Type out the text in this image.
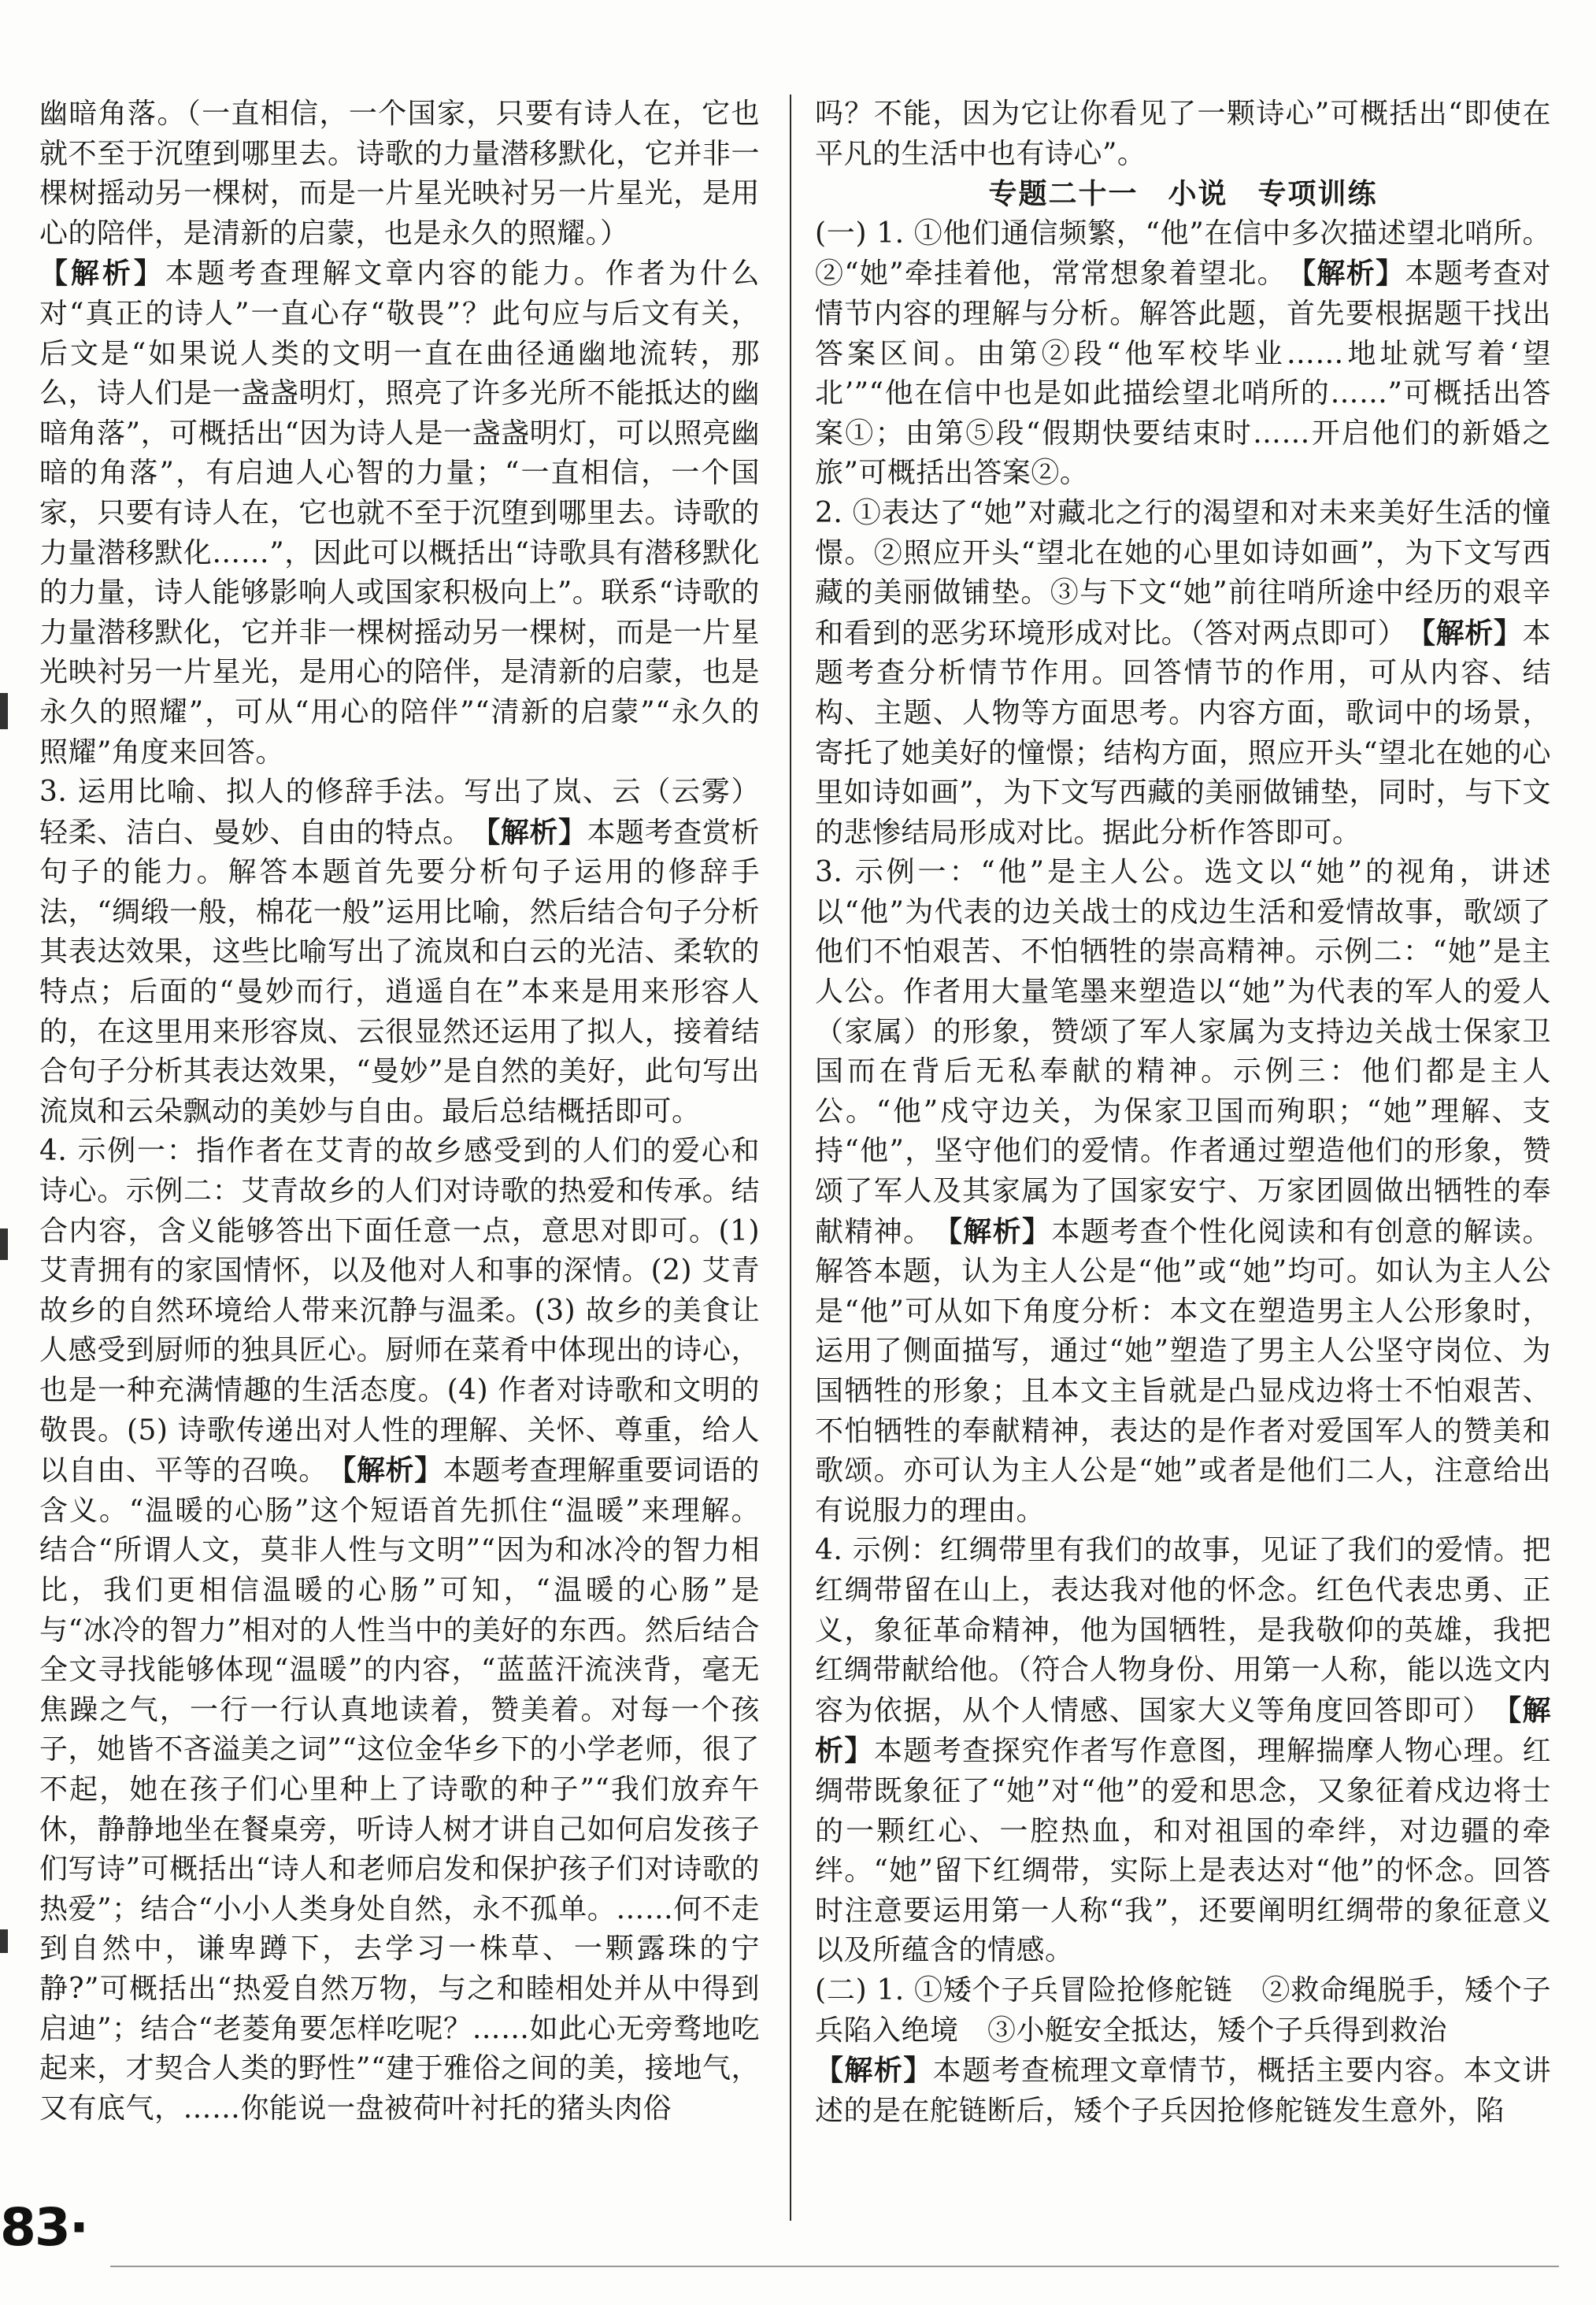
幽暗角落。（一直相信，一个国家，只要有诗人在，它也就不至于沉堕到哪里去。诗歌的力量潜移默化，它并非一棵树摇动另一棵树，而是一片星光映衬另一片星光，是用心的陪伴，是清新的启蒙，也是永久的照耀。）

【解析】本题考查理解文章内容的能力。作者为什么对“真正的诗人”一直心存“敬畏”？此句应与后文有关，后文是“如果说人类的文明一直在曲径通幽地流转，那么，诗人们是一盏盏明灯，照亮了许多光所不能抵达的幽暗角落”，可概括出“因为诗人是一盏盏明灯，可以照亮幽暗的角落”，有启迪人心智的力量；“一直相信，一个国家，只要有诗人在，它也就不至于沉堕到哪里去。诗歌的力量潜移默化……”，因此可以概括出“诗歌具有潜移默化的力量，诗人能够影响人或国家积极向上”。联系“诗歌的力量潜移默化，它并非一棵树摇动另一棵树，而是一片星光映衬另一片星光，是用心的陪伴，是清新的启蒙，也是永久的照耀”，可从“用心的陪伴”“清新的启蒙”“永久的照耀”角度来回答。

3. 运用比喻、拟人的修辞手法。写出了岚、云（云雾）轻柔、洁白、曼妙、自由的特点。　【解析】本题考查赏析句子的能力。解答本题首先要分析句子运用的修辞手法，“绸缎一般，棉花一般”运用比喻，然后结合句子分析其表达效果，这些比喻写出了流岚和白云的光洁、柔软的特点；后面的“曼妙而行，逍遥自在”本来是用来形容人的，在这里用来形容岚、云很显然还运用了拟人，接着结合句子分析其表达效果，“曼妙”是自然的美好，此句写出流岚和云朵飘动的美妙与自由。最后总结概括即可。

4. 示例一：指作者在艾青的故乡感受到的人们的爱心和诗心。示例二：艾青故乡的人们对诗歌的热爱和传承。结合内容，含义能够答出下面任意一点，意思对即可。(1) 艾青拥有的家国情怀，以及他对人和事的深情。(2) 艾青故乡的自然环境给人带来沉静与温柔。(3) 故乡的美食让人感受到厨师的独具匠心。厨师在菜肴中体现出的诗心，也是一种充满情趣的生活态度。(4) 作者对诗歌和文明的敬畏。(5) 诗歌传递出对人性的理解、关怀、尊重，给人以自由、平等的召唤。　【解析】本题考查理解重要词语的含义。“温暖的心肠”这个短语首先抓住“温暖”来理解。结合“所谓人文，莫非人性与文明”“因为和冰冷的智力相比，我们更相信温暖的心肠”可知，“温暖的心肠”是与“冰冷的智力”相对的人性当中的美好的东西。然后结合全文寻找能够体现“温暖”的内容，“蓝蓝汗流浃背，毫无焦躁之气，一行一行认真地读着，赞美着。对每一个孩子，她皆不吝溢美之词”“这位金华乡下的小学老师，很了不起，她在孩子们心里种上了诗歌的种子”“我们放弃午休，静静地坐在餐桌旁，听诗人树才讲自己如何启发孩子们写诗”可概括出“诗人和老师启发和保护孩子们对诗歌的热爱”；结合“小小人类身处自然，永不孤单。……何不走到自然中，谦卑蹲下，去学习一株草、一颗露珠的宁静?”可概括出“热爱自然万物，与之和睦相处并从中得到启迪”；结合“老菱角要怎样吃呢？……如此心无旁骛地吃起来，才契合人类的野性”“建于雅俗之间的美，接地气，又有底气，……你能说一盘被荷叶衬托的猪头肉俗

吗？不能，因为它让你看见了一颗诗心”可概括出“即使在平凡的生活中也有诗心”。

专题二十一　小说　专项训练

(一) 1. ①他们通信频繁，“他”在信中多次描述望北哨所。②“她”牵挂着他，常常想象着望北。　【解析】本题考查对情节内容的理解与分析。解答此题，首先要根据题干找出答案区间。由第②段“他军校毕业……地址就写着‘望北’”“他在信中也是如此描绘望北哨所的……”可概括出答案①；由第⑤段“假期快要结束时……开启他们的新婚之旅”可概括出答案②。

2. ①表达了“她”对藏北之行的渴望和对未来美好生活的憧憬。②照应开头“望北在她的心里如诗如画”，为下文写西藏的美丽做铺垫。③与下文“她”前往哨所途中经历的艰辛和看到的恶劣环境形成对比。（答对两点即可）　【解析】本题考查分析情节作用。回答情节的作用，可从内容、结构、主题、人物等方面思考。内容方面，歌词中的场景，寄托了她美好的憧憬；结构方面，照应开头“望北在她的心里如诗如画”，为下文写西藏的美丽做铺垫，同时，与下文的悲惨结局形成对比。据此分析作答即可。

3. 示例一：“他”是主人公。选文以“她”的视角，讲述以“他”为代表的边关战士的戍边生活和爱情故事，歌颂了他们不怕艰苦、不怕牺牲的崇高精神。示例二：“她”是主人公。作者用大量笔墨来塑造以“她”为代表的军人的爱人（家属）的形象，赞颂了军人家属为支持边关战士保家卫国而在背后无私奉献的精神。示例三：他们都是主人公。“他”戍守边关，为保家卫国而殉职；“她”理解、支持“他”，坚守他们的爱情。作者通过塑造他们的形象，赞颂了军人及其家属为了国家安宁、万家团圆做出牺牲的奉献精神。　【解析】本题考查个性化阅读和有创意的解读。解答本题，认为主人公是“他”或“她”均可。如认为主人公是“他”可从如下角度分析：本文在塑造男主人公形象时，运用了侧面描写，通过“她”塑造了男主人公坚守岗位、为国牺牲的形象；且本文主旨就是凸显戍边将士不怕艰苦、不怕牺牲的奉献精神，表达的是作者对爱国军人的赞美和歌颂。亦可认为主人公是“她”或者是他们二人，注意给出有说服力的理由。

4. 示例：红绸带里有我们的故事，见证了我们的爱情。把红绸带留在山上，表达我对他的怀念。红色代表忠勇、正义，象征革命精神，他为国牺牲，是我敬仰的英雄，我把红绸带献给他。（符合人物身份、用第一人称，能以选文内容为依据，从个人情感、国家大义等角度回答即可）　【解析】本题考查探究作者写作意图，理解揣摩人物心理。红绸带既象征了“她”对“他”的爱和思念，又象征着戍边将士的一颗红心、一腔热血，和对祖国的牵绊，对边疆的牵绊。“她”留下红绸带，实际上是表达对“他”的怀念。回答时注意要运用第一人称“我”，还要阐明红绸带的象征意义以及所蕴含的情感。

(二) 1. ①矮个子兵冒险抢修舵链　②救命绳脱手，矮个子兵陷入绝境　③小艇安全抵达，矮个子兵得到救治

【解析】本题考查梳理文章情节，概括主要内容。本文讲述的是在舵链断后，矮个子兵因抢修舵链发生意外，陷

83·
